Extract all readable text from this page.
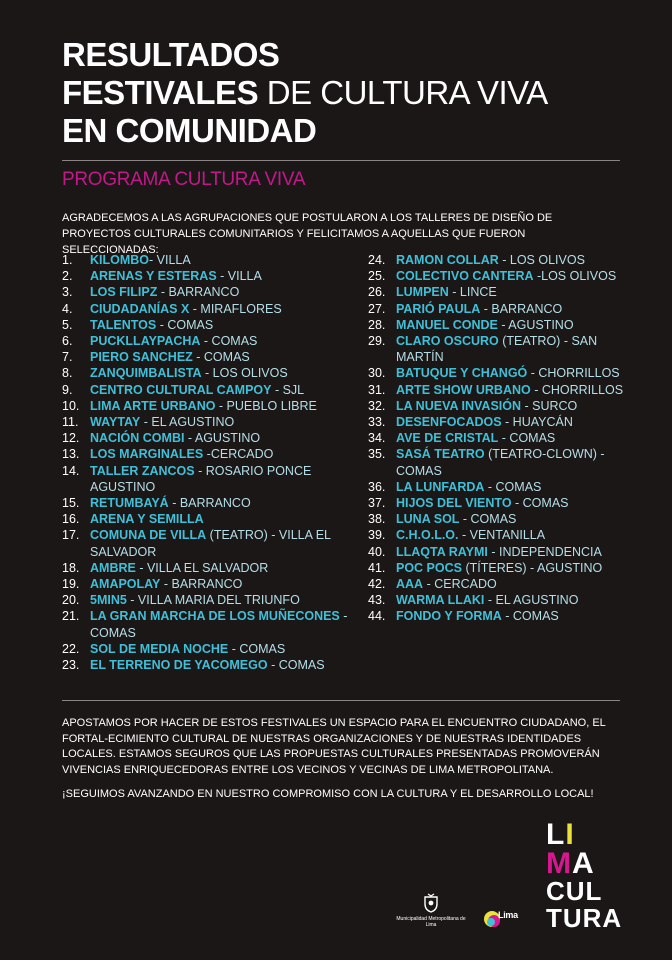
RESULTADOS
FESTIVALES DE CULTURA VIVA
EN COMUNIDAD
PROGRAMA CULTURA VIVA

AGRADECEMOS A LAS AGRUPACIONES QUE POSTULARON A LOS TALLERES DE DISEÑO DE PROYECTOS CULTURALES COMUNITARIOS Y FELICITAMOS A AQUELLAS QUE FUERON SELECCIONADAS:

1.	KILOMBO- VILLA
2.	ARENAS Y ESTERAS - VILLA
3.	LOS FILIPZ - BARRANCO
4.	CIUDADANÍAS X - MIRAFLORES
5.	TALENTOS - COMAS
6.	PUCKLLAYPACHA - COMAS
7.	PIERO SANCHEZ - COMAS
8.	ZANQUIMBALISTA - LOS OLIVOS
9.	CENTRO CULTURAL CAMPOY - SJL
10. LIMA ARTE URBANO - PUEBLO LIBRE
11. WAYTAY - EL AGUSTINO
12. NACIÓN COMBI - AGUSTINO
13. LOS MARGINALES -CERCADO
14. TALLER ZANCOS - ROSARIO PONCE AGUSTINO
15. RETUMBAYÁ - BARRANCO
16. ARENA Y SEMILLA
17. COMUNA DE VILLA (TEATRO) - VILLA EL SALVADOR
18. AMBRE - VILLA EL SALVADOR
19. AMAPOLAY - BARRANCO
20. 5MIN5 - VILLA MARIA DEL TRIUNFO
21. LA GRAN MARCHA DE LOS MUÑECONES - COMAS
22. SOL DE MEDIA NOCHE - COMAS
23. EL TERRENO DE YACOMEGO - COMAS
24. RAMON COLLAR - LOS OLIVOS
25. COLECTIVO CANTERA -LOS OLIVOS
26. LUMPEN - LINCE
27. PARIÓ PAULA - BARRANCO
28. MANUEL CONDE - AGUSTINO
29. CLARO OSCURO (TEATRO) - SAN MARTÍN
30. BATUQUE Y CHANGÓ - CHORRILLOS
31. ARTE SHOW URBANO - CHORRILLOS
32. LA NUEVA INVASIÓN - SURCO
33. DESENFOCADOS - HUAYCÁN
34. AVE DE CRISTAL - COMAS
35. SASÁ TEATRO (TEATRO-CLOWN) - COMAS
36. LA LUNFARDA - COMAS
37. HIJOS DEL VIENTO - COMAS
38. LUNA SOL - COMAS
39. C.H.O.L.O. - VENTANILLA
40. LLAQTA RAYMI - INDEPENDENCIA
41. POC POCS (TÍTERES) - AGUSTINO
42. AAA - CERCADO
43. WARMA LLAKI - EL AGUSTINO
44. FONDO Y FORMA - COMAS

APOSTAMOS POR HACER DE ESTOS FESTIVALES UN ESPACIO PARA EL ENCUENTRO CIUDADANO, EL FORTAL-ECIMIENTO CULTURAL DE NUESTRAS ORGANIZACIONES Y DE NUESTRAS IDENTIDADES LOCALES. ESTAMOS SEGUROS QUE LAS PROPUESTAS CULTURALES PRESENTADAS PROMOVERÁN VIVENCIAS ENRIQUECEDORAS ENTRE LOS VECINOS Y VECINAS DE LIMA METROPOLITANA.

¡SEGUIMOS AVANZANDO EN NUESTRO COMPROMISO CON LA CULTURA Y EL DESARROLLO LOCAL!

Municipalidad Metropolitana de Lima
Lima
LI
MA
CUL
TURA
